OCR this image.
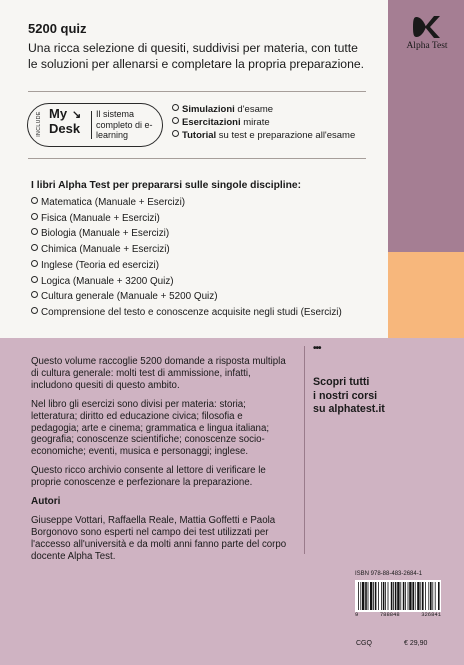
Alpha Test
5200 quiz
Una ricca selezione di quesiti, suddivisi per materia, con tutte le soluzioni per allenarsi e completare la propria preparazione.
INCLUDE My
Desk
↘ Il sistema completo di e-learning
Simulazioni d'esame
Esercitazioni mirate
Tutorial su test e preparazione all'esame
I libri Alpha Test per prepararsi sulle singole discipline:
Matematica (Manuale + Esercizi)
Fisica (Manuale + Esercizi)
Biologia (Manuale + Esercizi)
Chimica (Manuale + Esercizi)
Inglese (Teoria ed esercizi)
Logica (Manuale + 3200 Quiz)
Cultura generale (Manuale + 5200 Quiz)
Comprensione del testo e conoscenze acquisite negli studi (Esercizi)

Questo volume raccoglie 5200 domande a risposta multipla di cultura generale: molti test di ammissione, infatti, includono quesiti di questo ambito.

Nel libro gli esercizi sono divisi per materia: storia; letteratura; diritto ed educazione civica; filosofia e pedagogia; arte e cinema; grammatica e lingua italiana; geografia; conoscenze scientifiche; conoscenze socio-economiche; eventi, musica e personaggi; inglese.

Questo ricco archivio consente al lettore di verificare le proprie conoscenze e perfezionare la preparazione.

Autori

Giuseppe Vottari, Raffaella Reale, Mattia Goffetti e Paola Borgonovo sono esperti nel campo dei test utilizzati per l'accesso all'università e da molti anni fanno parte del corpo docente Alpha Test.

•••
Scopri tutti
i nostri corsi
su alphatest.it
ISBN 978-88-483-2684-1
9	788848	326841
CGQ	€ 29,90
